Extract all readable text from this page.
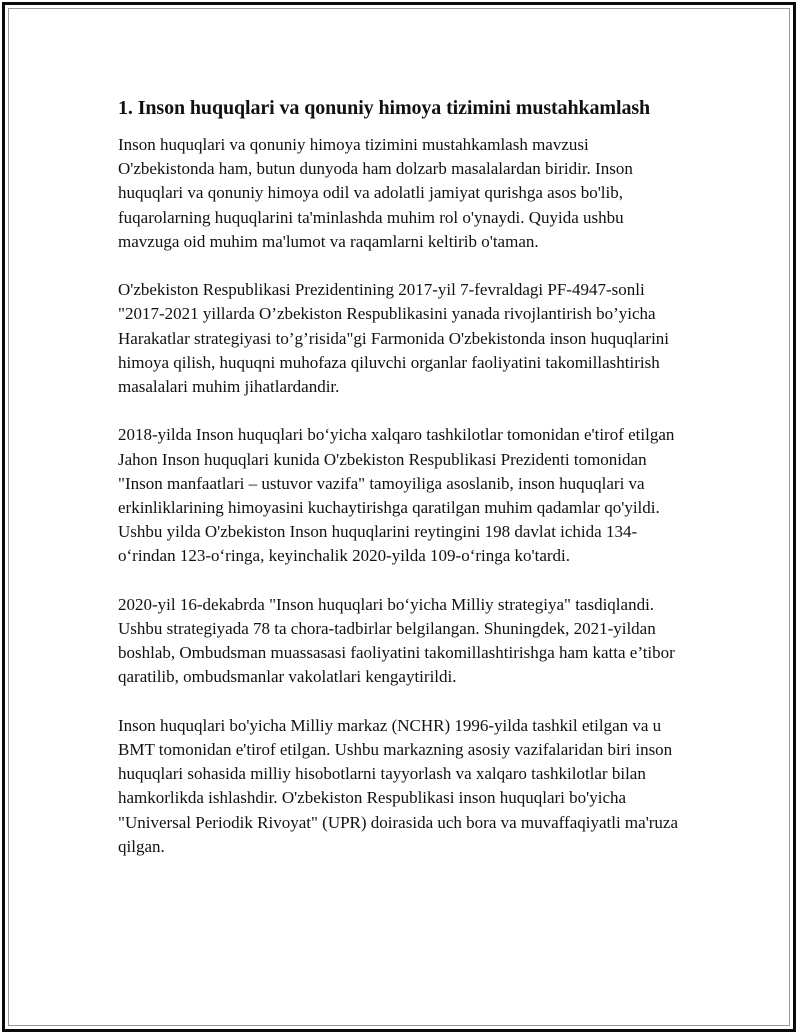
1. Inson huquqlari va qonuniy himoya tizimini mustahkamlash

Inson huquqlari va qonuniy himoya tizimini mustahkamlash mavzusi O'zbekistonda ham, butun dunyoda ham dolzarb masalalardan biridir. Inson huquqlari va qonuniy himoya odil va adolatli jamiyat qurishga asos bo'lib, fuqarolarning huquqlarini ta'minlashda muhim rol o'ynaydi. Quyida ushbu mavzuga oid muhim ma'lumot va raqamlarni keltirib o'taman.

O'zbekiston Respublikasi Prezidentining 2017-yil 7-fevraldagi PF-4947-sonli "2017-2021 yillarda O’zbekiston Respublikasini yanada rivojlantirish bo’yicha Harakatlar strategiyasi to’g’risida"gi Farmonida O'zbekistonda inson huquqlarini himoya qilish, huquqni muhofaza qiluvchi organlar faoliyatini takomillashtirish masalalari muhim jihatlardandir.

2018-yilda Inson huquqlari bo‘yicha xalqaro tashkilotlar tomonidan e'tirof etilgan Jahon Inson huquqlari kunida O'zbekiston Respublikasi Prezidenti tomonidan "Inson manfaatlari – ustuvor vazifa" tamoyiliga asoslanib, inson huquqlari va erkinliklarining himoyasini kuchaytirishga qaratilgan muhim qadamlar qo'yildi. Ushbu yilda O'zbekiston Inson huquqlarini reytingini 198 davlat ichida 134-o‘rindan 123-o‘ringa, keyinchalik 2020-yilda 109-o‘ringa ko'tardi.

2020-yil 16-dekabrda "Inson huquqlari bo‘yicha Milliy strategiya" tasdiqlandi. Ushbu strategiyada 78 ta chora-tadbirlar belgilangan. Shuningdek, 2021-yildan boshlab, Ombudsman muassasasi faoliyatini takomillashtirishga ham katta e’tibor qaratilib, ombudsmanlar vakolatlari kengaytirildi.

Inson huquqlari bo'yicha Milliy markaz (NCHR) 1996-yilda tashkil etilgan va u BMT tomonidan e'tirof etilgan. Ushbu markazning asosiy vazifalaridan biri inson huquqlari sohasida milliy hisobotlarni tayyorlash va xalqaro tashkilotlar bilan hamkorlikda ishlashdir. O'zbekiston Respublikasi inson huquqlari bo'yicha "Universal Periodik Rivoyat" (UPR) doirasida uch bora va muvaffaqiyatli ma'ruza qilgan.
